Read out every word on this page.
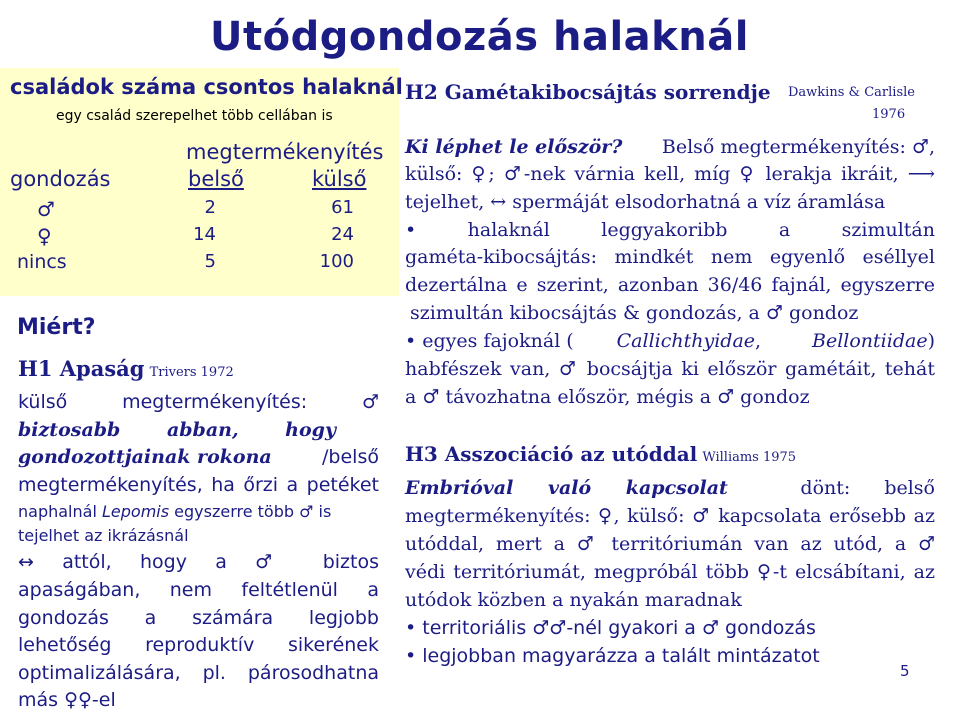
Utódgondozás halaknál
családok száma csontos halaknál
egy család szerepelhet több cellában is
megtermékenyítés
gondozás	belső	külső
♂	2	61
♀	14	24
nincs	5	100
Miért?
H1 Apaság Trivers 1972
külső	megtermékenyítés:	♂
biztosabb abban, hogy
gondozottjainak rokona	/belső
megtermékenyítés, ha őrzi a petéket
naphalnál Lepomis egyszerre több ♂ is
tejelhet az ikrázásnál
↔ attól, hogy a ♂ biztos
apaságában, nem feltétlenül a
gondozás a számára legjobb
lehetőség reproduktív sikerének
optimalizálására, pl. párosodhatna
más ♀♀-el
H2 Gamétakibocsájtás sorrendje Dawkins & Carlisle
1976
Ki léphet le először? Belső megtermékenyítés: ♂,
külső: ♀; ♂-nek várnia kell, míg ♀ lerakja ikráit, ⟶
tejelhet, ↔ spermáját elsodorhatná a víz áramlása
• halaknál leggyakoribb a szimultán
gaméta-kibocsájtás: mindkét nem egyenlő eséllyel
dezertálna e szerint, azonban 36/46 fajnál, egyszerre
szimultán kibocsájtás & gondozás, a ♂ gondoz
• egyes fajoknál ( Callichthyidae,	Bellontiidae)
habfészek van, ♂ bocsájtja ki először gamétáit, tehát
a ♂ távozhatna először, mégis a ♂ gondoz
H3 Asszociáció az utóddal Williams 1975
Embrióval való kapcsolat	dönt: belső
megtermékenyítés: ♀, külső: ♂ kapcsolata erősebb az
utóddal, mert a ♂ territóriumán van az utód, a ♂
védi territóriumát, megpróbál több ♀-t elcsábítani, az
utódok közben a nyakán maradnak
• territoriális ♂♂-nél gyakori a ♂ gondozás
• legjobban magyarázza a talált mintázatot
5
